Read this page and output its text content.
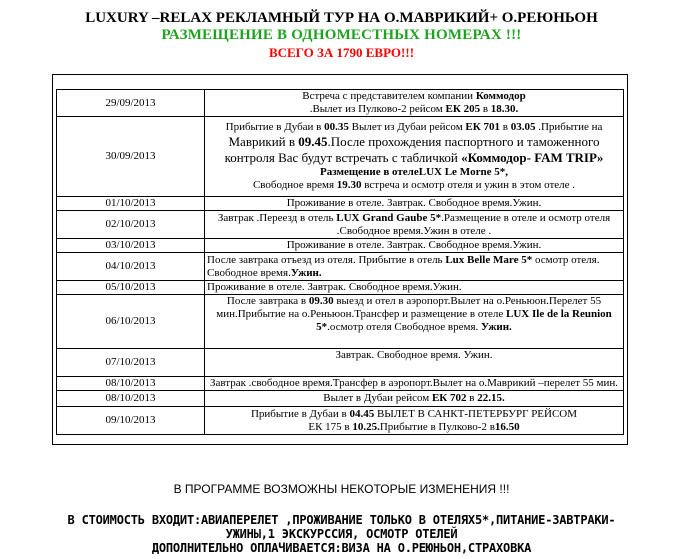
LUXURY –RELAX РЕКЛАМНЫЙ ТУР НА О.МАВРИКИЙ+ О.РЕЮНЬОН
РАЗМЕЩЕНИЕ В ОДНОМЕСТНЫХ НОМЕРАХ !!!
ВСЕГО ЗА 1790 ЕВРО!!!
29/09/2013	Встреча с представителем компании Коммодор
.Вылет из Пулково-2 рейсом ЕК 205 в 18.30.
30/09/2013	Прибытие в Дубаи в 00.35 Вылет из Дубаи рейсом ЕК 701 в 03.05 .Прибытие на
Маврикий в 09.45.После прохождения паспортного и таможенного
контроля Вас будут встречать с табличкой «Коммодор- FAM TRIP»
Размещение в отелеLUX Le Morne 5*,
Свободное время 19.30 встреча и осмотр отеля и ужин в этом отеле .
01/10/2013	Проживание в отеле. Завтрак. Свободное время.Ужин.
02/10/2013	Завтрак .Переезд в отель LUX Grand Gaube 5*.Размещение в отеле и осмотр отеля
.Свободное время.Ужин в отеле .
03/10/2013	Проживание в отеле. Завтрак. Свободное время.Ужин.
04/10/2013	После завтрака отъезд из отеля. Прибытие в отель Lux Belle Mare 5* осмотр отеля.
Свободное время.Ужин.
05/10/2013	Проживание в отеле. Завтрак. Свободное время.Ужин.
06/10/2013	После завтрака в 09.30 выезд и отел в аэропорт.Вылет на о.Реньюон.Перелет 55
мин.Прибытие на о.Реньюон.Трансфер и размещение в отеле LUX Ile de la Reunion
5*.осмотр отеля Свободное время. Ужин.
07/10/2013	Завтрак. Свободное время. Ужин.
08/10/2013	Завтрак .свободное время.Трансфер в аэропорт.Вылет на о.Маврикий –перелет 55 мин.
08/10/2013	Вылет в Дубаи рейсом ЕК 702 в 22.15.
09/10/2013	Прибытие в Дубаи в 04.45 ВЫЛЕТ В САНКТ-ПЕТЕРБУРГ РЕЙСОМ
ЕК 175 в 10.25.Прибытие в Пулково-2 в16.50
В ПРОГРАММЕ ВОЗМОЖНЫ НЕКОТОРЫЕ ИЗМЕНЕНИЯ !!!
В СТОИМОСТЬ ВХОДИТ:АВИАПЕРЕЛЕТ ,ПРОЖИВАНИЕ ТОЛЬКО В ОТЕЛЯХ5*,ПИТАНИЕ-ЗАВТРАКИ-
УЖИНЫ,1 ЭКСКУРССИЯ, ОСМОТР ОТЕЛЕЙ
ДОПОЛНИТЕЛЬНО ОПЛАЧИВАЕТСЯ:ВИЗА НА О.РЕЮНЬОН,СТРАХОВКА
